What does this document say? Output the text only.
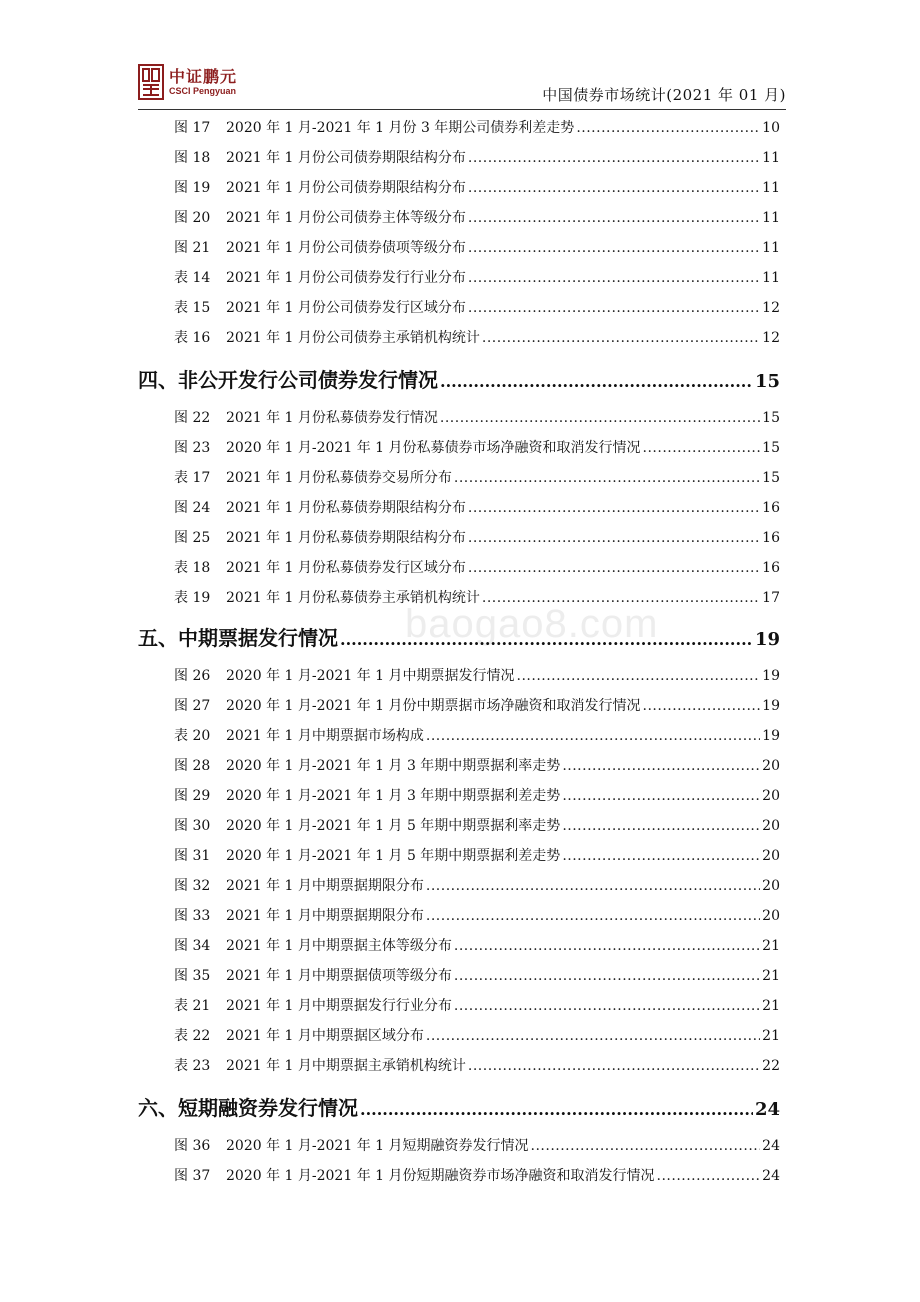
中证鹏元
CSCI Pengyuan	中国债券市场统计(2021 年 01 月)
baogao8.com
图 17	2020 年 1 月-2021 年 1 月份 3 年期公司债券利差走势 .....	10
图 18	2021 年 1 月份公司债券期限结构分布 .....	11
图 19	2021 年 1 月份公司债券期限结构分布 .....	11
图 20	2021 年 1 月份公司债券主体等级分布 .....	11
图 21	2021 年 1 月份公司债券债项等级分布 .....	11
表 14	2021 年 1 月份公司债券发行行业分布 .....	11
表 15	2021 年 1 月份公司债券发行区域分布 .....	12
表 16	2021 年 1 月份公司债券主承销机构统计 .....	12
四、非公开发行公司债券发行情况 .....	15
图 22	2021 年 1 月份私募债券发行情况 .....	15
图 23	2020 年 1 月-2021 年 1 月份私募债券市场净融资和取消发行情况 .....	15
表 17	2021 年 1 月份私募债券交易所分布 .....	15
图 24	2021 年 1 月份私募债券期限结构分布 .....	16
图 25	2021 年 1 月份私募债券期限结构分布 .....	16
表 18	2021 年 1 月份私募债券发行区域分布 .....	16
表 19	2021 年 1 月份私募债券主承销机构统计 .....	17
五、中期票据发行情况 .....	19
图 26	2020 年 1 月-2021 年 1 月中期票据发行情况 .....	19
图 27	2020 年 1 月-2021 年 1 月份中期票据市场净融资和取消发行情况 .....	19
表 20	2021 年 1 月中期票据市场构成 .....	19
图 28	2020 年 1 月-2021 年 1 月 3 年期中期票据利率走势 .....	20
图 29	2020 年 1 月-2021 年 1 月 3 年期中期票据利差走势 .....	20
图 30	2020 年 1 月-2021 年 1 月 5 年期中期票据利率走势 .....	20
图 31	2020 年 1 月-2021 年 1 月 5 年期中期票据利差走势 .....	20
图 32	2021 年 1 月中期票据期限分布 .....	20
图 33	2021 年 1 月中期票据期限分布 .....	20
图 34	2021 年 1 月中期票据主体等级分布 .....	21
图 35	2021 年 1 月中期票据债项等级分布 .....	21
表 21	2021 年 1 月中期票据发行行业分布 .....	21
表 22	2021 年 1 月中期票据区域分布 .....	21
表 23	2021 年 1 月中期票据主承销机构统计 .....	22
六、短期融资券发行情况 .....	24
图 36	2020 年 1 月-2021 年 1 月短期融资券发行情况 .....	24
图 37	2020 年 1 月-2021 年 1 月份短期融资券市场净融资和取消发行情况 .....	24
